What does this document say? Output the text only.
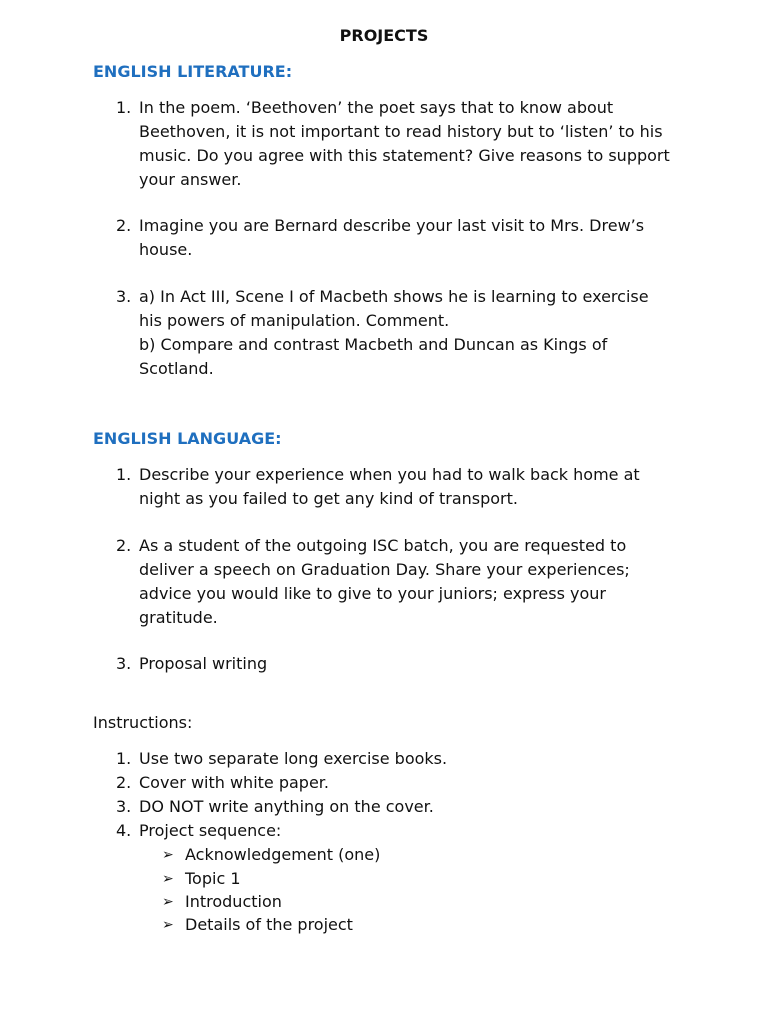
PROJECTS
ENGLISH LITERATURE:
1. In the poem. ‘Beethoven’ the poet says that to know about
Beethoven, it is not important to read history but to ‘listen’ to his
music. Do you agree with this statement? Give reasons to support
your answer.
2. Imagine you are Bernard describe your last visit to Mrs. Drew’s
house.
3. a) In Act III, Scene I of Macbeth shows he is learning to exercise
his powers of manipulation. Comment.
b) Compare and contrast Macbeth and Duncan as Kings of
Scotland.
ENGLISH LANGUAGE:
1. Describe your experience when you had to walk back home at
night as you failed to get any kind of transport.
2. As a student of the outgoing ISC batch, you are requested to
deliver a speech on Graduation Day. Share your experiences;
advice you would like to give to your juniors; express your
gratitude.
3. Proposal writing
Instructions:
1. Use two separate long exercise books.
2. Cover with white paper.
3. DO NOT write anything on the cover.
4. Project sequence:
➢ Acknowledgement (one)
➢ Topic 1
➢ Introduction
➢ Details of the project
